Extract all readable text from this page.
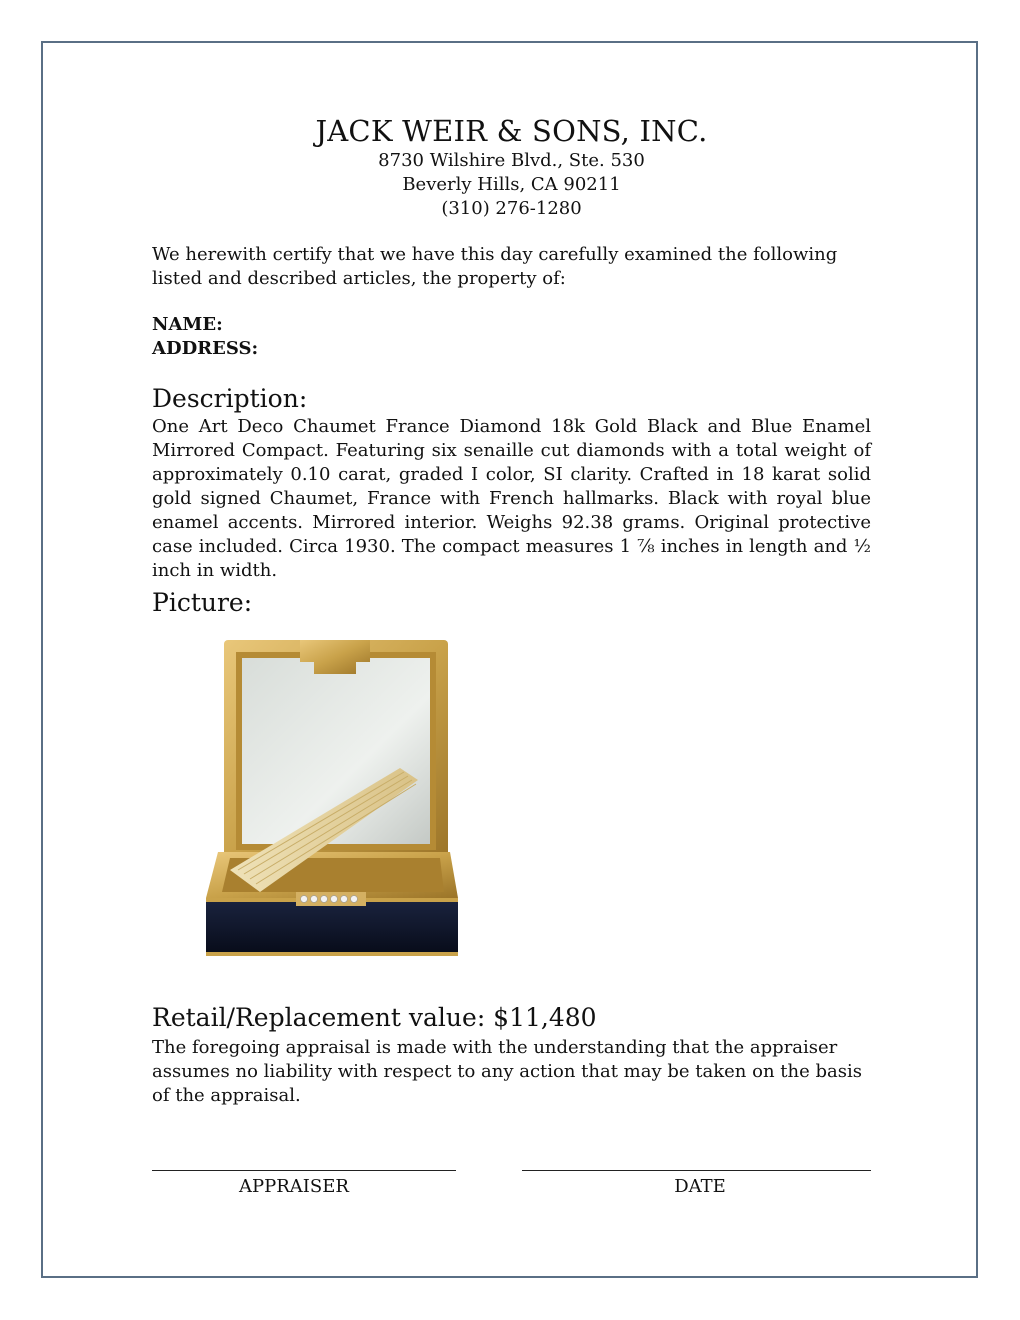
JACK WEIR & SONS, INC.
8730 Wilshire Blvd., Ste. 530
Beverly Hills, CA 90211
(310) 276-1280
We herewith certify that we have this day carefully examined the following listed and described articles, the property of:
NAME:
ADDRESS:
Description:
One Art Deco Chaumet France Diamond 18k Gold Black and Blue Enamel Mirrored Compact. Featuring six senaille cut diamonds with a total weight of approximately 0.10 carat, graded I color, SI clarity. Crafted in 18 karat solid gold signed Chaumet, France with French hallmarks. Black with royal blue enamel accents. Mirrored interior. Weighs 92.38 grams. Original protective case included. Circa 1930. The compact measures 1 ⅞ inches in length and ½ inch in width.
Picture:
Retail/Replacement value: $11,480
The foregoing appraisal is made with the understanding that the appraiser assumes no liability with respect to any action that may be taken on the basis of the appraisal.
APPRAISER	DATE
